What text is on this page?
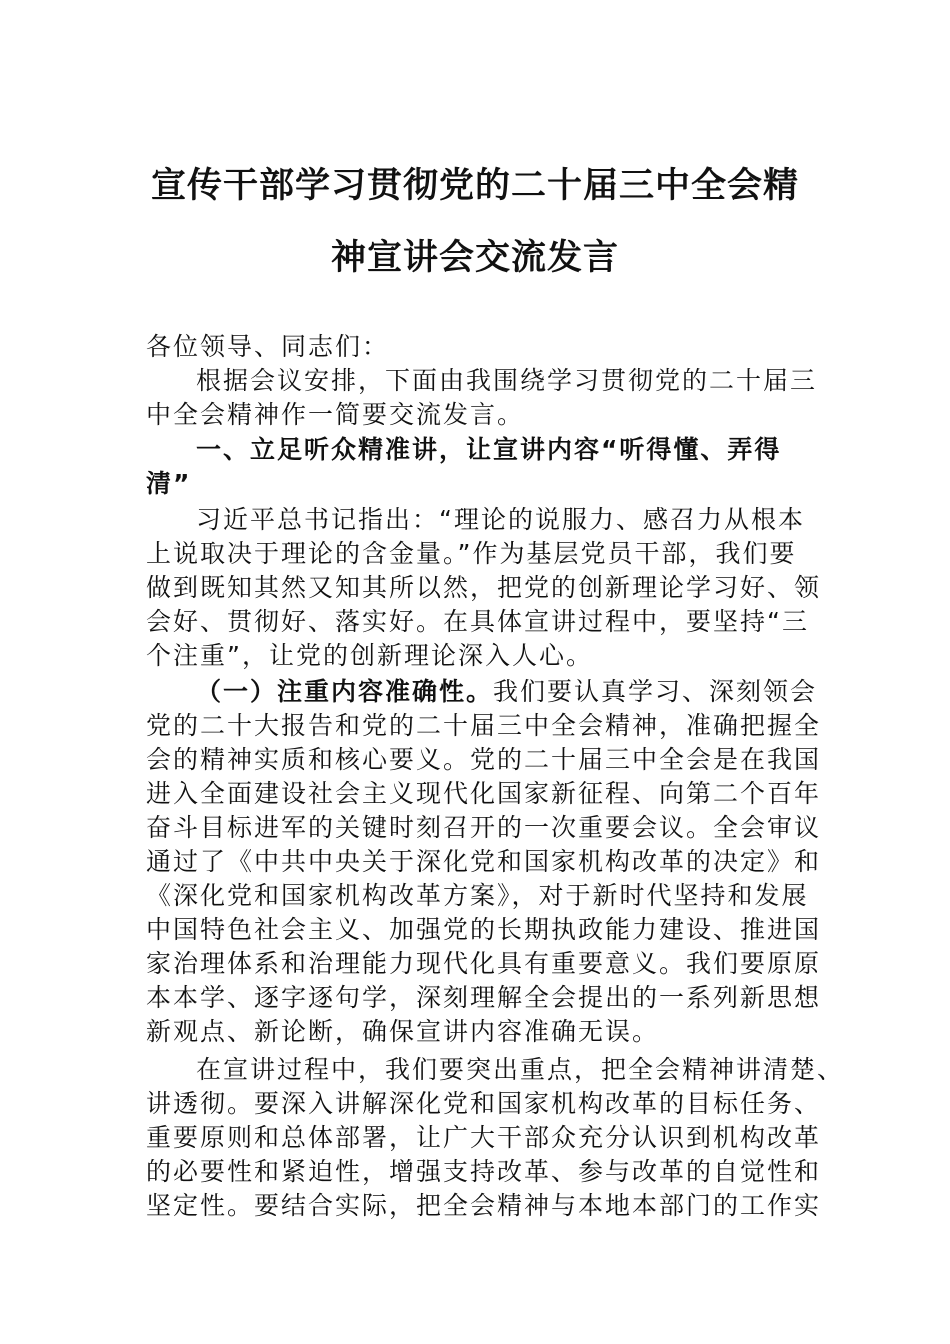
宣传干部学习贯彻党的二十届三中全会精
神宣讲会交流发言
各位领导、同志们：
根据会议安排，下面由我围绕学习贯彻党的二十届三
中全会精神作一简要交流发言。
一、立足听众精准讲，让宣讲内容“听得懂、弄得
清”
习近平总书记指出：“理论的说服力、感召力从根本
上说取决于理论的含金量。”作为基层党员干部，我们要
做到既知其然又知其所以然，把党的创新理论学习好、领
会好、贯彻好、落实好。在具体宣讲过程中，要坚持“三
个注重”，让党的创新理论深入人心。
（一）注重内容准确性。我们要认真学习、深刻领会
党的二十大报告和党的二十届三中全会精神，准确把握全
会的精神实质和核心要义。党的二十届三中全会是在我国
进入全面建设社会主义现代化国家新征程、向第二个百年
奋斗目标进军的关键时刻召开的一次重要会议。全会审议
通过了《中共中央关于深化党和国家机构改革的决定》和
《深化党和国家机构改革方案》，对于新时代坚持和发展
中国特色社会主义、加强党的长期执政能力建设、推进国
家治理体系和治理能力现代化具有重要意义。我们要原原
本本学、逐字逐句学，深刻理解全会提出的一系列新思想
新观点、新论断，确保宣讲内容准确无误。
在宣讲过程中，我们要突出重点，把全会精神讲清楚、
讲透彻。要深入讲解深化党和国家机构改革的目标任务、
重要原则和总体部署，让广大干部众充分认识到机构改革
的必要性和紧迫性，增强支持改革、参与改革的自觉性和
坚定性。要结合实际，把全会精神与本地本部门的工作实
